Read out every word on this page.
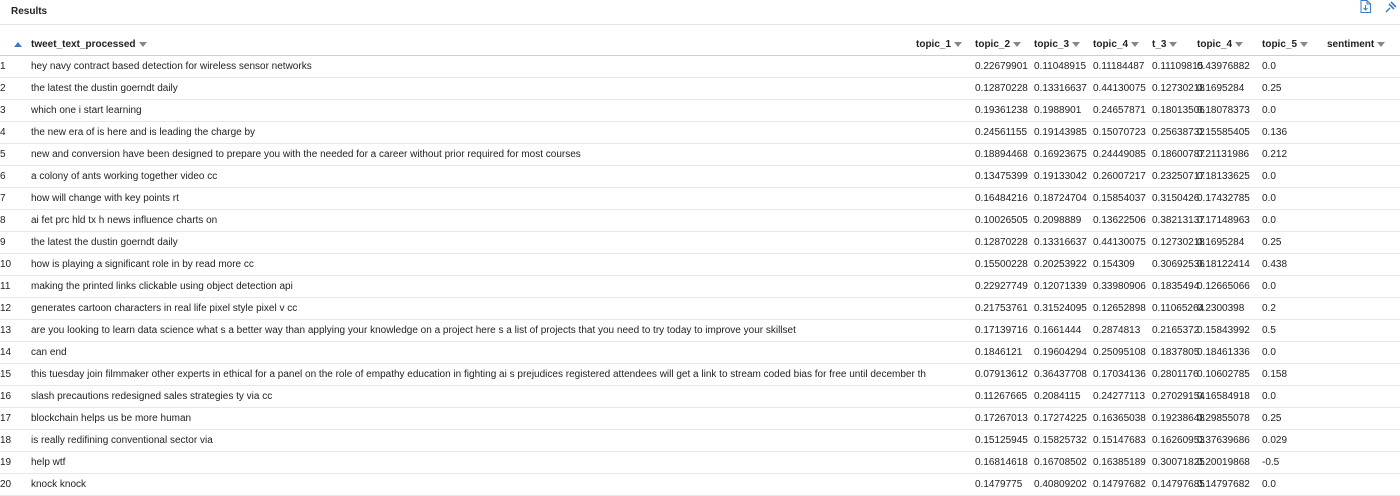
Results

	tweet_text_processed	topic_1	topic_2	topic_3	topic_4	t_3	topic_4	topic_5	sentiment

1	hey navy contract based detection for wireless sensor networks		0.22679901	0.11048915	0.11184487	0.11109815	0.43976882	0.0	
2	the latest the dustin goerndt daily		0.12870228	0.13316637	0.44130075	0.12730218	0.1695284	0.25	
3	which one i start learning		0.19361238	0.1988901	0.24657871	0.18013506	0.18078373	0.0	
4	the new era of is here and is leading the charge by		0.24561155	0.19143985	0.15070723	0.25638732	0.15585405	0.136	
5	new and conversion have been designed to prepare you with the needed for a career without prior required for most courses		0.18894468	0.16923675	0.24449085	0.18600787	0.21131986	0.212	
6	a colony of ants working together video cc		0.13475399	0.19133042	0.26007217	0.23250717	0.18133625	0.0	
7	how will change with key points rt		0.16484216	0.18724704	0.15854037	0.3150426	0.17432785	0.0	
8	ai fet prc hld tx h news influence charts on		0.10026505	0.2098889	0.13622506	0.38213137	0.17148963	0.0	
9	the latest the dustin goerndt daily		0.12870228	0.13316637	0.44130075	0.12730218	0.1695284	0.25	
10	how is playing a significant role in by read more cc		0.15500228	0.20253922	0.154309	0.30692536	0.18122414	0.438	
11	making the printed links clickable using object detection api		0.22927749	0.12071339	0.33980906	0.1835494	0.12665066	0.0	
12	generates cartoon characters in real life pixel style pixel v cc		0.21753761	0.31524095	0.12652898	0.11065264	0.2300398	0.2	
13	are you looking to learn data science what s a better way than applying your knowledge on a project here s a list of projects that you need to try today to improve your skillset		0.17139716	0.1661444	0.2874813	0.2165372	0.15843992	0.5	
14	can end		0.1846121	0.19604294	0.25095108	0.1837805	0.18461336	0.0	
15	this tuesday join filmmaker other experts in ethical for a panel on the role of empathy education in fighting ai s prejudices registered attendees will get a link to stream coded bias for free until december th		0.07913612	0.36437708	0.17034136	0.2801176	0.10602785	0.158	
16	slash precautions redesigned sales strategies ty via cc		0.11267665	0.2084115	0.24277113	0.27029154	0.16584918	0.0	
17	blockchain helps us be more human		0.17267013	0.17274225	0.16365038	0.19238648	0.29855078	0.25	
18	is really redifining conventional sector via		0.15125945	0.15825732	0.15147683	0.16260953	0.37639686	0.029	
19	help wtf		0.16814618	0.16708502	0.16385189	0.30071825	0.20019868	-0.5	
20	knock knock		0.1479775	0.40809202	0.14797682	0.14797685	0.14797682	0.0	
